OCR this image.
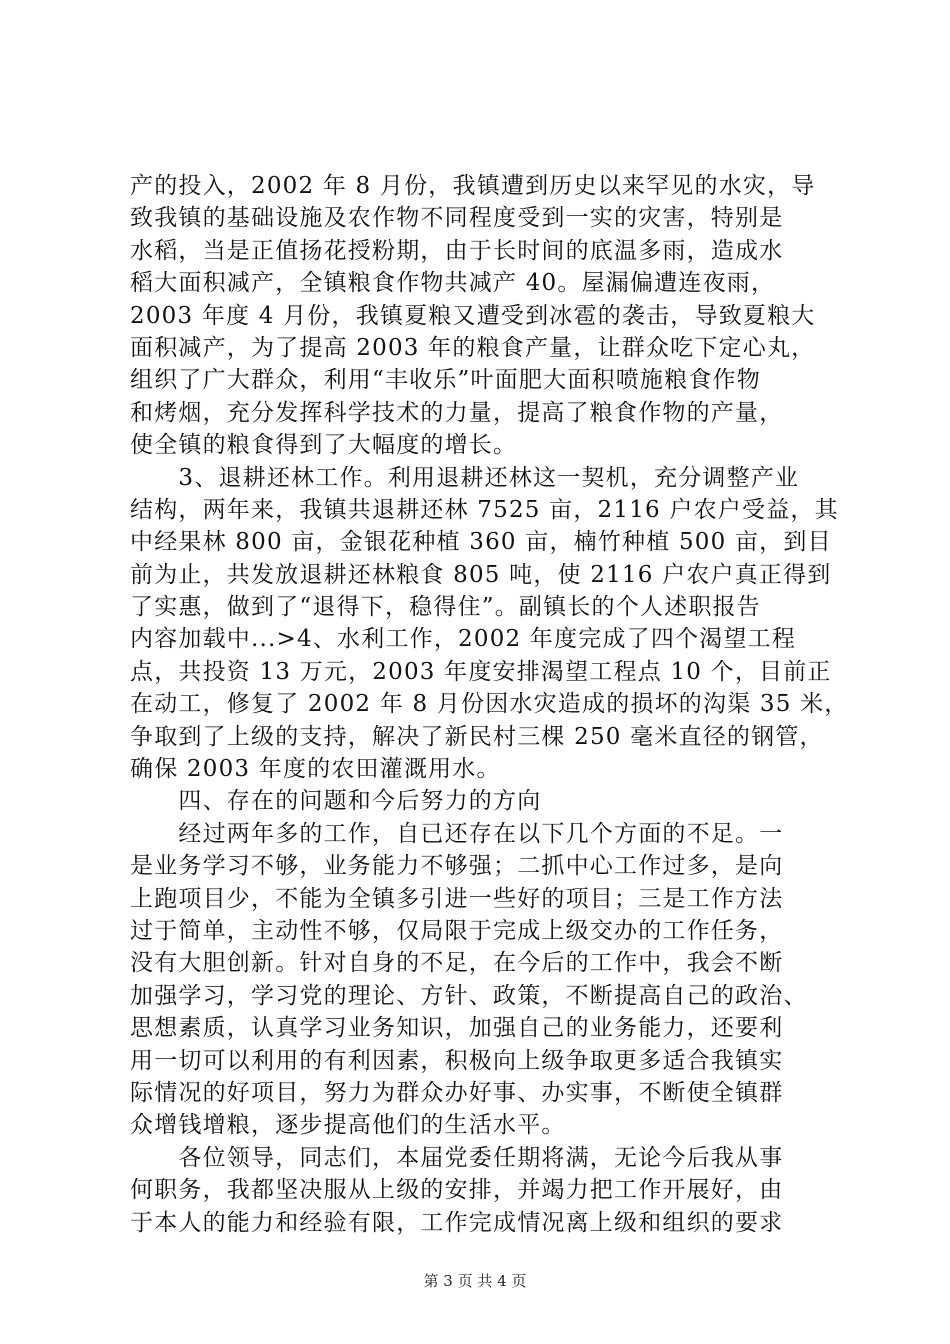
产的投入，2002 年 8 月份，我镇遭到历史以来罕见的水灾，导
致我镇的基础设施及农作物不同程度受到一实的灾害，特别是
水稻，当是正值扬花授粉期，由于长时间的底温多雨，造成水
稻大面积减产，全镇粮食作物共减产 40。屋漏偏遭连夜雨，
2003 年度 4 月份，我镇夏粮又遭受到冰雹的袭击，导致夏粮大
面积减产，为了提高 2003 年的粮食产量，让群众吃下定心丸，
组织了广大群众，利用“丰收乐”叶面肥大面积喷施粮食作物
和烤烟，充分发挥科学技术的力量，提高了粮食作物的产量，
使全镇的粮食得到了大幅度的增长。
　　3、退耕还林工作。利用退耕还林这一契机，充分调整产业
结构，两年来，我镇共退耕还林 7525 亩，2116 户农户受益，其
中经果林 800 亩，金银花种植 360 亩，楠竹种植 500 亩，到目
前为止，共发放退耕还林粮食 805 吨，使 2116 户农户真正得到
了实惠，做到了“退得下，稳得住”。副镇长的个人述职报告
内容加载中...>4、水利工作，2002 年度完成了四个渴望工程
点，共投资 13 万元，2003 年度安排渴望工程点 10 个，目前正
在动工，修复了 2002 年 8 月份因水灾造成的损坏的沟渠 35 米，
争取到了上级的支持，解决了新民村三棵 250 毫米直径的钢管，
确保 2003 年度的农田灌溉用水。
　　四、存在的问题和今后努力的方向
　　经过两年多的工作，自已还存在以下几个方面的不足。一
是业务学习不够，业务能力不够强；二抓中心工作过多，是向
上跑项目少，不能为全镇多引进一些好的项目；三是工作方法
过于简单，主动性不够，仅局限于完成上级交办的工作任务，
没有大胆创新。针对自身的不足，在今后的工作中，我会不断
加强学习，学习党的理论、方针、政策，不断提高自己的政治、
思想素质，认真学习业务知识，加强自己的业务能力，还要利
用一切可以利用的有利因素，积极向上级争取更多适合我镇实
际情况的好项目，努力为群众办好事、办实事，不断使全镇群
众增钱增粮，逐步提高他们的生活水平。
　　各位领导，同志们，本届党委任期将满，无论今后我从事
何职务，我都坚决服从上级的安排，并竭力把工作开展好，由
于本人的能力和经验有限，工作完成情况离上级和组织的要求
第 3 页 共 4 页
